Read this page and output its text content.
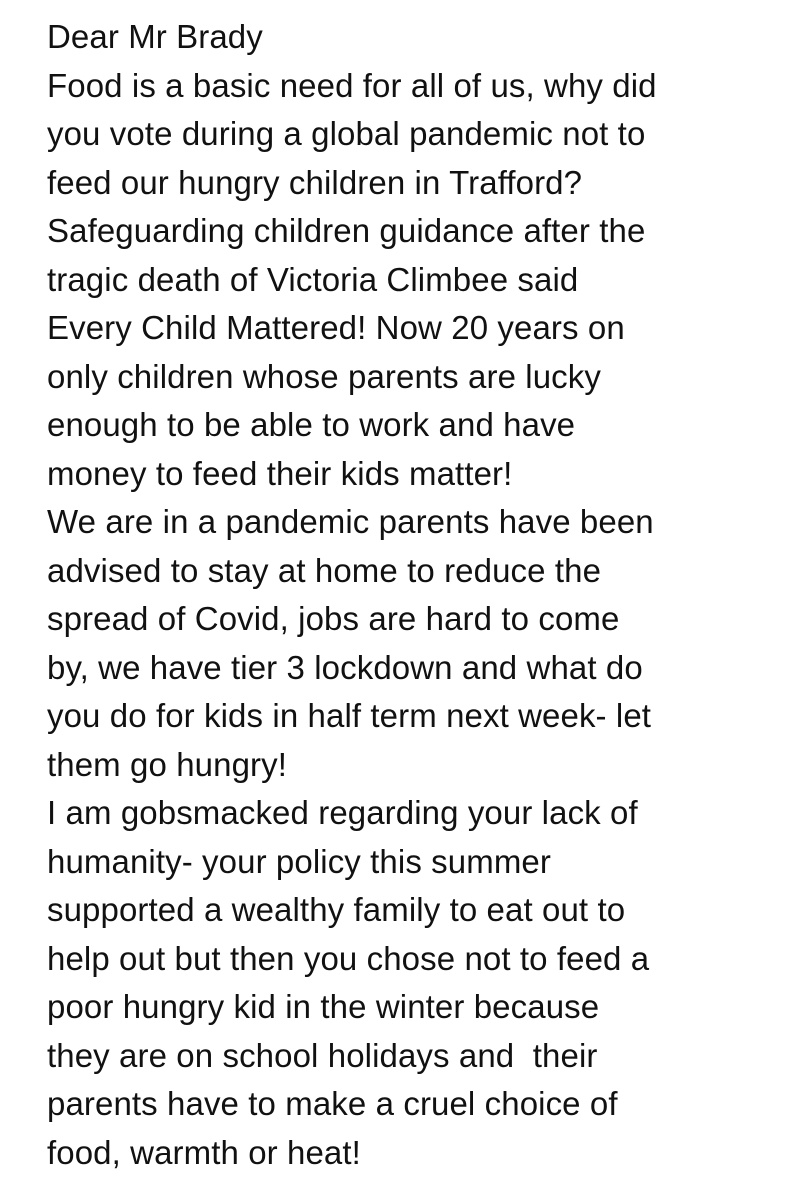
Dear Mr Brady
Food is a basic need for all of us, why did
you vote during a global pandemic not to
feed our hungry children in Trafford?
Safeguarding children guidance after the
tragic death of Victoria Climbee said
Every Child Mattered! Now 20 years on
only children whose parents are lucky
enough to be able to work and have
money to feed their kids matter!
We are in a pandemic parents have been
advised to stay at home to reduce the
spread of Covid, jobs are hard to come
by, we have tier 3 lockdown and what do
you do for kids in half term next week- let
them go hungry!
I am gobsmacked regarding your lack of
humanity- your policy this summer
supported a wealthy family to eat out to
help out but then you chose not to feed a
poor hungry kid in the winter because
they are on school holidays and  their
parents have to make a cruel choice of
food, warmth or heat!
